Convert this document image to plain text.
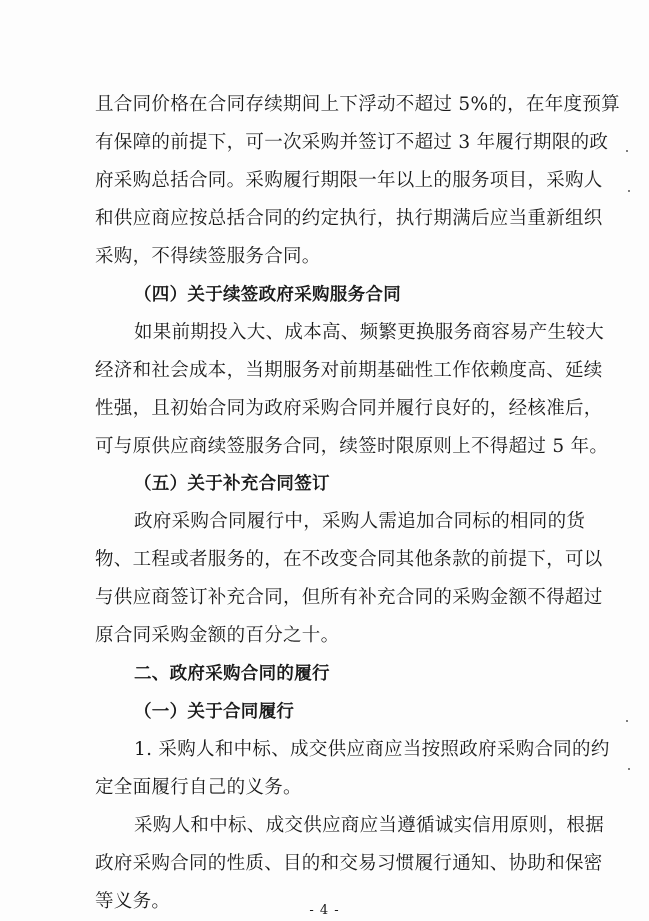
且合同价格在合同存续期间上下浮动不超过 5%的，在年度预算
有保障的前提下，可一次采购并签订不超过 3 年履行期限的政
府采购总括合同。采购履行期限一年以上的服务项目，采购人
和供应商应按总括合同的约定执行，执行期满后应当重新组织
采购，不得续签服务合同。
（四）关于续签政府采购服务合同
如果前期投入大、成本高、频繁更换服务商容易产生较大
经济和社会成本，当期服务对前期基础性工作依赖度高、延续
性强，且初始合同为政府采购合同并履行良好的，经核准后，
可与原供应商续签服务合同，续签时限原则上不得超过 5 年。
（五）关于补充合同签订
政府采购合同履行中，采购人需追加合同标的相同的货
物、工程或者服务的，在不改变合同其他条款的前提下，可以
与供应商签订补充合同，但所有补充合同的采购金额不得超过
原合同采购金额的百分之十。
二、政府采购合同的履行
（一）关于合同履行
1. 采购人和中标、成交供应商应当按照政府采购合同的约
定全面履行自己的义务。
采购人和中标、成交供应商应当遵循诚实信用原则，根据
政府采购合同的性质、目的和交易习惯履行通知、协助和保密
等义务。	- 4 -
